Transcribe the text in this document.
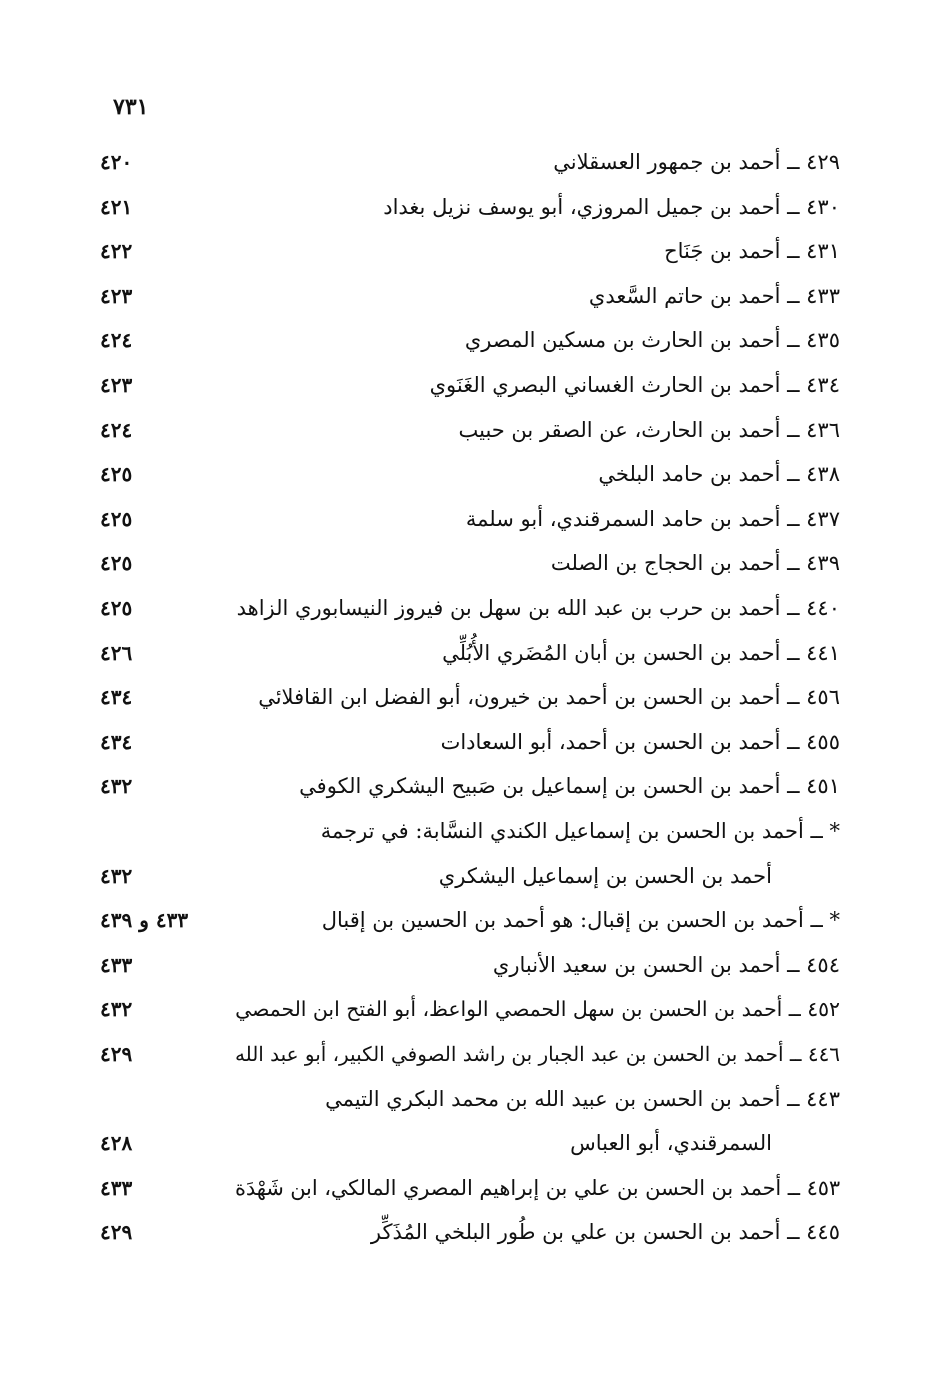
٧٣١
٤٢٩ ــ أحمد بن جمهور العسقلاني
٤٢٠
٤٣٠ ــ أحمد بن جميل المروزي، أبو يوسف نزيل بغداد
٤٢١
٤٣١ ــ أحمد بن جَنَاح
٤٢٢
٤٣٣ ــ أحمد بن حاتم السَّعدي
٤٢٣
٤٣٥ ــ أحمد بن الحارث بن مسكين المصري
٤٢٤
٤٣٤ ــ أحمد بن الحارث الغساني البصري الغَنَوي
٤٢٣
٤٣٦ ــ أحمد بن الحارث، عن الصقر بن حبيب
٤٢٤
٤٣٨ ــ أحمد بن حامد البلخي
٤٢٥
٤٣٧ ــ أحمد بن حامد السمرقندي، أبو سلمة
٤٢٥
٤٣٩ ــ أحمد بن الحجاج بن الصلت
٤٢٥
٤٤٠ ــ أحمد بن حرب بن عبد الله بن سهل بن فيروز النيسابوري الزاهد
٤٢٥
٤٤١ ــ أحمد بن الحسن بن أبان المُضَري الأُبُلِّي
٤٢٦
٤٥٦ ــ أحمد بن الحسن بن أحمد بن خيرون، أبو الفضل ابن القافلائي
٤٣٤
٤٥٥ ــ أحمد بن الحسن بن أحمد، أبو السعادات
٤٣٤
٤٥١ ــ أحمد بن الحسن بن إسماعيل بن صَبيح اليشكري الكوفي
٤٣٢
* ــ أحمد بن الحسن بن إسماعيل الكندي النسَّابة: في ترجمة
أحمد بن الحسن بن إسماعيل اليشكري
٤٣٢
* ــ أحمد بن الحسن بن إقبال: هو أحمد بن الحسين بن إقبال
٤٣٣ و ٤٣٩
٤٥٤ ــ أحمد بن الحسن بن سعيد الأنباري
٤٣٣
٤٥٢ ــ أحمد بن الحسن بن سهل الحمصي الواعظ، أبو الفتح ابن الحمصي
٤٣٢
٤٤٦ ــ أحمد بن الحسن بن عبد الجبار بن راشد الصوفي الكبير، أبو عبد الله
٤٢٩
٤٤٣ ــ أحمد بن الحسن بن عبيد الله بن محمد البكري التيمي
السمرقندي، أبو العباس
٤٢٨
٤٥٣ ــ أحمد بن الحسن بن علي بن إبراهيم المصري المالكي، ابن شَهْدَة
٤٣٣
٤٤٥ ــ أحمد بن الحسن بن علي بن طُور البلخي المُذَكِّر
٤٢٩
